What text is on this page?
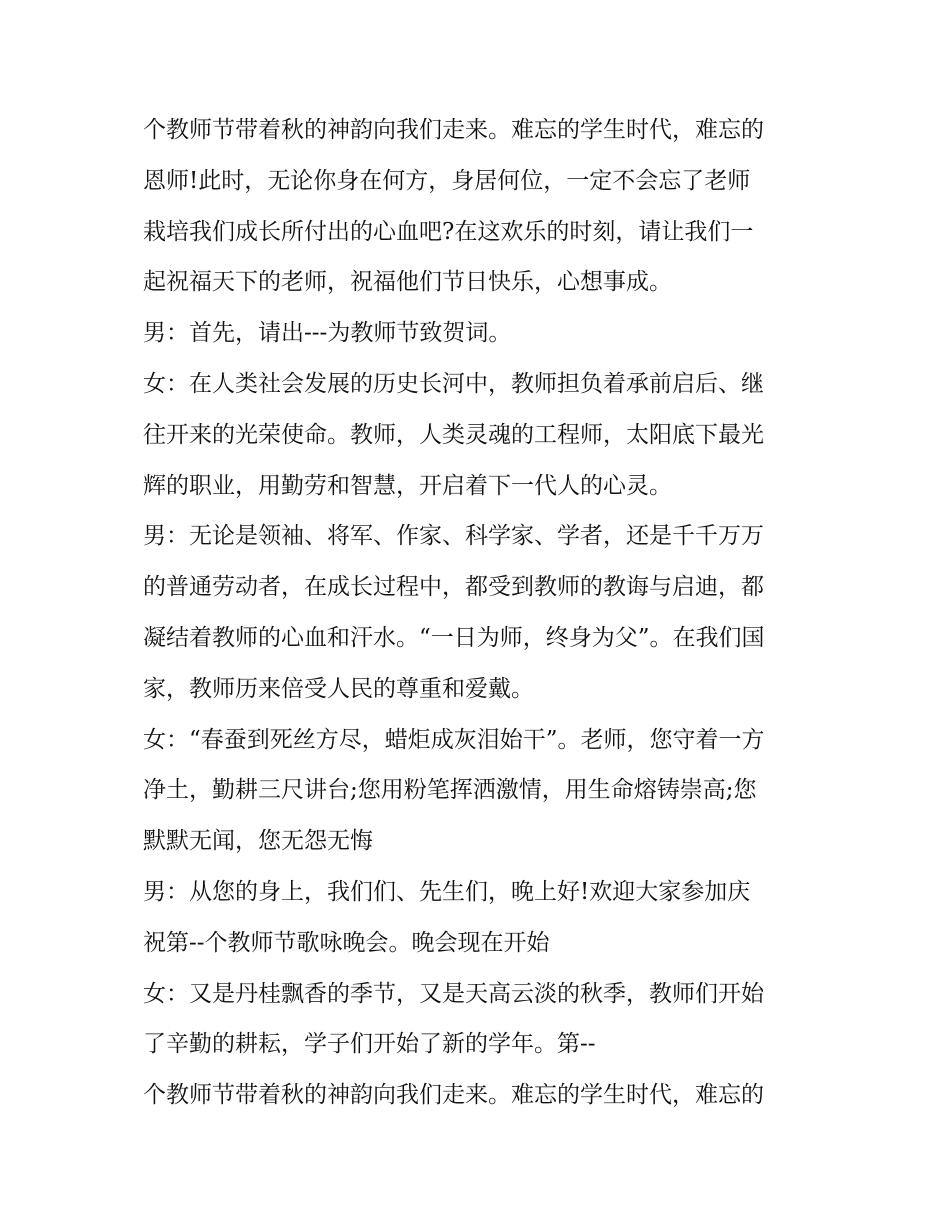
个教师节带着秋的神韵向我们走来。难忘的学生时代，难忘的
恩师!此时，无论你身在何方，身居何位，一定不会忘了老师
栽培我们成长所付出的心血吧?在这欢乐的时刻，请让我们一
起祝福天下的老师，祝福他们节日快乐，心想事成。
男：首先，请出---为教师节致贺词。
女：在人类社会发展的历史长河中，教师担负着承前启后、继
往开来的光荣使命。教师，人类灵魂的工程师，太阳底下最光
辉的职业，用勤劳和智慧，开启着下一代人的心灵。
男：无论是领袖、将军、作家、科学家、学者，还是千千万万
的普通劳动者，在成长过程中，都受到教师的教诲与启迪，都
凝结着教师的心血和汗水。“一日为师，终身为父”。在我们国
家，教师历来倍受人民的尊重和爱戴。
女：“春蚕到死丝方尽，蜡炬成灰泪始干”。老师，您守着一方
净土，勤耕三尺讲台;您用粉笔挥洒激情，用生命熔铸崇高;您
默默无闻，您无怨无悔
男：从您的身上，我们们、先生们，晚上好!欢迎大家参加庆
祝第--个教师节歌咏晚会。晚会现在开始
女：又是丹桂飘香的季节，又是天高云淡的秋季，教师们开始
了辛勤的耕耘，学子们开始了新的学年。第--
个教师节带着秋的神韵向我们走来。难忘的学生时代，难忘的
